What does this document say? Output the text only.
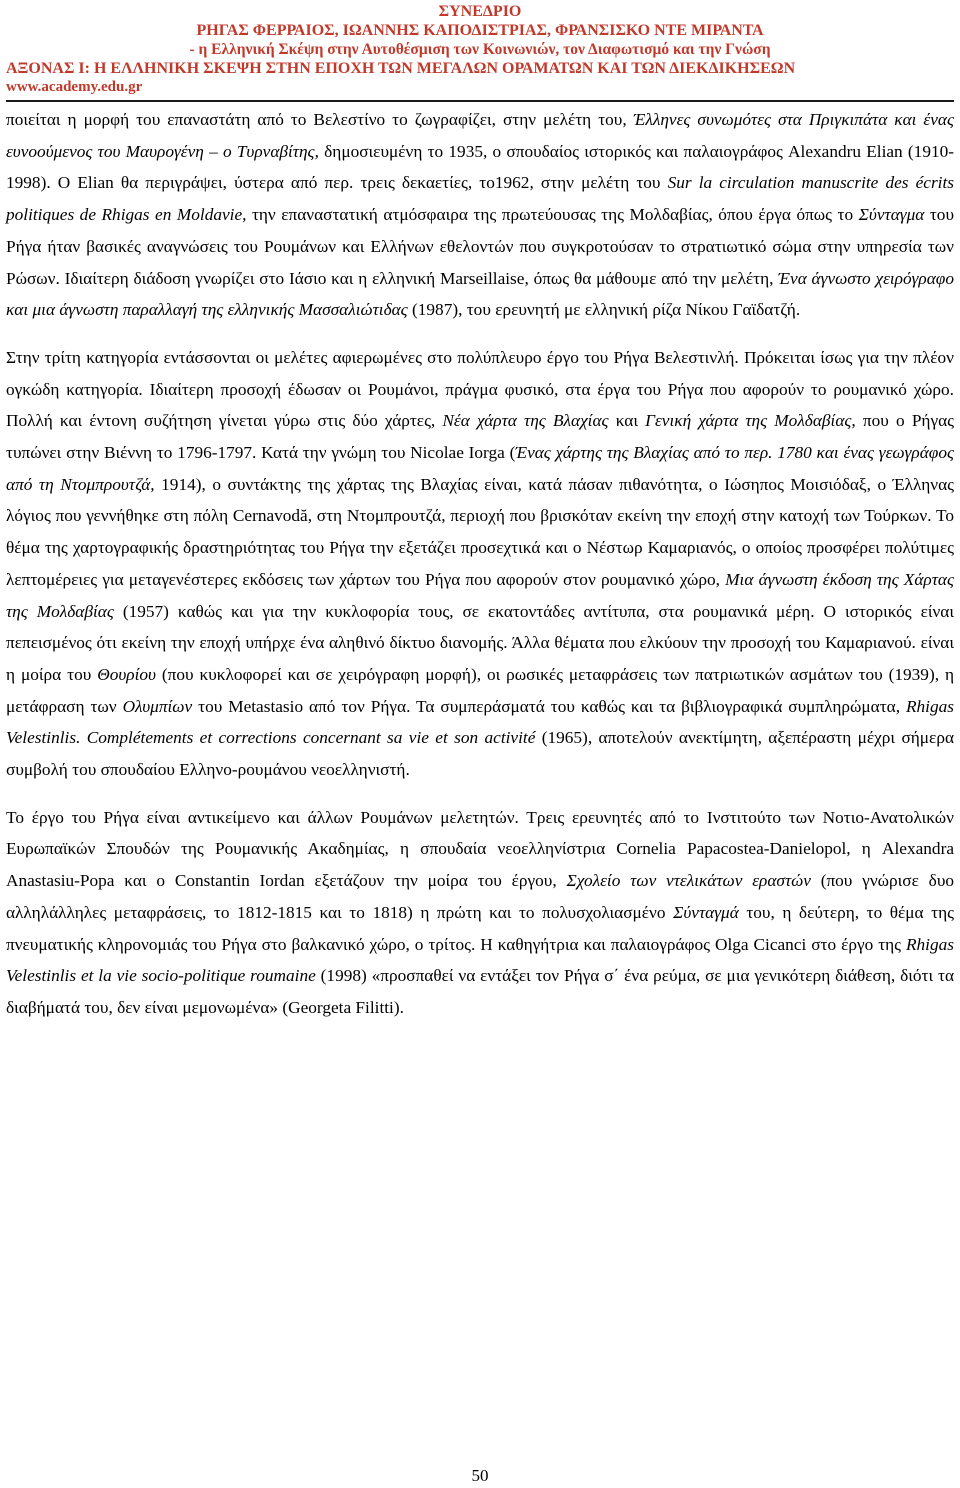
ΣΥΝΕΔΡΙΟ
ΡΗΓΑΣ ΦΕΡΡΑΙΟΣ, ΙΩΑΝΝΗΣ ΚΑΠΟΔΙΣΤΡΙΑΣ, ΦΡΑΝΣΙΣΚΟ ΝΤΕ ΜΙΡΑΝΤΑ
- η Ελληνική Σκέψη στην Αυτοθέσμιση των Κοινωνιών, τον Διαφωτισμό και την Γνώση
ΑΞΟΝΑΣ Ι: Η ΕΛΛΗΝΙΚΗ ΣΚΕΨΗ ΣΤΗΝ ΕΠΟΧΗ ΤΩΝ ΜΕΓΑΛΩΝ ΟΡΑΜΑΤΩΝ ΚΑΙ ΤΩΝ ΔΙΕΚΔΙΚΗΣΕΩΝ
www.academy.edu.gr

ποιείται η μορφή του επαναστάτη από το Βελεστίνο το ζωγραφίζει, στην μελέτη του, Έλληνες συνωμότες στα Πριγκιπάτα και ένας ευνοούμενος του Μαυρογένη – ο Τυρναβίτης, δημοσιευμένη το 1935, ο σπουδαίος ιστορικός και παλαιογράφος Alexandru Elian (1910-1998). Ο Elian θα περιγράψει, ύστερα από περ. τρεις δεκαετίες, το1962, στην μελέτη του Sur la circulation manuscrite des écrits politiques de Rhigas en Moldavie, την επαναστατική ατμόσφαιρα της πρωτεύουσας της Μολδαβίας, όπου έργα όπως το Σύνταγμα του Ρήγα ήταν βασικές αναγνώσεις του Ρουμάνων και Ελλήνων εθελοντών που συγκροτούσαν το στρατιωτικό σώμα στην υπηρεσία των Ρώσων. Ιδιαίτερη διάδοση γνωρίζει στο Ιάσιο και η ελληνική Marseillaise, όπως θα μάθουμε από την μελέτη, Ένα άγνωστο χειρόγραφο και μια άγνωστη παραλλαγή της ελληνικής Μασσαλιώτιδας (1987), του ερευνητή με ελληνική ρίζα Νίκου Γαϊδατζή.

Στην τρίτη κατηγορία εντάσσονται οι μελέτες αφιερωμένες στο πολύπλευρο έργο του Ρήγα Βελεστινλή. Πρόκειται ίσως για την πλέον ογκώδη κατηγορία. Ιδιαίτερη προσοχή έδωσαν οι Ρουμάνοι, πράγμα φυσικό, στα έργα του Ρήγα που αφορούν το ρουμανικό χώρο. Πολλή και έντονη συζήτηση γίνεται γύρω στις δύο χάρτες, Νέα χάρτα της Βλαχίας και Γενική χάρτα της Μολδαβίας, που ο Ρήγας τυπώνει στην Βιέννη το 1796-1797. Κατά την γνώμη του Nicolae Iorga (Ένας χάρτης της Βλαχίας από το περ. 1780 και ένας γεωγράφος από τη Ντομπρουτζά, 1914), ο συντάκτης της χάρτας της Βλαχίας είναι, κατά πάσαν πιθανότητα, ο Ιώσηπος Μοισιόδαξ, ο Έλληνας λόγιος που γεννήθηκε στη πόλη Cernavodă, στη Ντομπρουτζά, περιοχή που βρισκόταν εκείνη την εποχή στην κατοχή των Τούρκων. Το θέμα της χαρτογραφικής δραστηριότητας του Ρήγα την εξετάζει προσεχτικά και ο Νέστωρ Καμαριανός, ο οποίος προσφέρει πολύτιμες λεπτομέρειες για μεταγενέστερες εκδόσεις των χάρτων του Ρήγα που αφορούν στον ρουμανικό χώρο, Μια άγνωστη έκδοση της Χάρτας της Μολδαβίας (1957) καθώς και για την κυκλοφορία τους, σε εκατοντάδες αντίτυπα, στα ρουμανικά μέρη. Ο ιστορικός είναι πεπεισμένος ότι εκείνη την εποχή υπήρχε ένα αληθινό δίκτυο διανομής. Άλλα θέματα που ελκύουν την προσοχή του Καμαριανού. είναι η μοίρα του Θουρίου (που κυκλοφορεί και σε χειρόγραφη μορφή), οι ρωσικές μεταφράσεις των πατριωτικών ασμάτων του (1939), η μετάφραση των Ολυμπίων του Metastasio από τον Ρήγα. Τα συμπεράσματά του καθώς και τα βιβλιογραφικά συμπληρώματα, Rhigas Velestinlis. Complétements et corrections concernant sa vie et son activité (1965), αποτελούν ανεκτίμητη, αξεπέραστη μέχρι σήμερα συμβολή του σπουδαίου Ελληνο-ρουμάνου νεοελληνιστή.

Το έργο του Ρήγα είναι αντικείμενο και άλλων Ρουμάνων μελετητών. Τρεις ερευνητές από το Ινστιτούτο των Νοτιο-Ανατολικών Ευρωπαϊκών Σπουδών της Ρουμανικής Ακαδημίας, η σπουδαία νεοελληνίστρια Cornelia Papacostea-Danielopol, η Alexandra Anastasiu-Popa και ο Constantin Iordan εξετάζουν την μοίρα του έργου, Σχολείο των ντελικάτων εραστών (που γνώρισε δυο αλληλάλληλες μεταφράσεις, το 1812-1815 και το 1818) η πρώτη και το πολυσχολιασμένο Σύνταγμά του, η δεύτερη, το θέμα της πνευματικής κληρονομιάς του Ρήγα στο βαλκανικό χώρο, ο τρίτος. Η καθηγήτρια και παλαιογράφος Olga Cicanci στο έργο της Rhigas Velestinlis et la vie socio-politique roumaine (1998) «προσπαθεί να εντάξει τον Ρήγα σ΄ ένα ρεύμα, σε μια γενικότερη διάθεση, διότι τα διαβήματά του, δεν είναι μεμονωμένα» (Georgeta Filitti).

50
